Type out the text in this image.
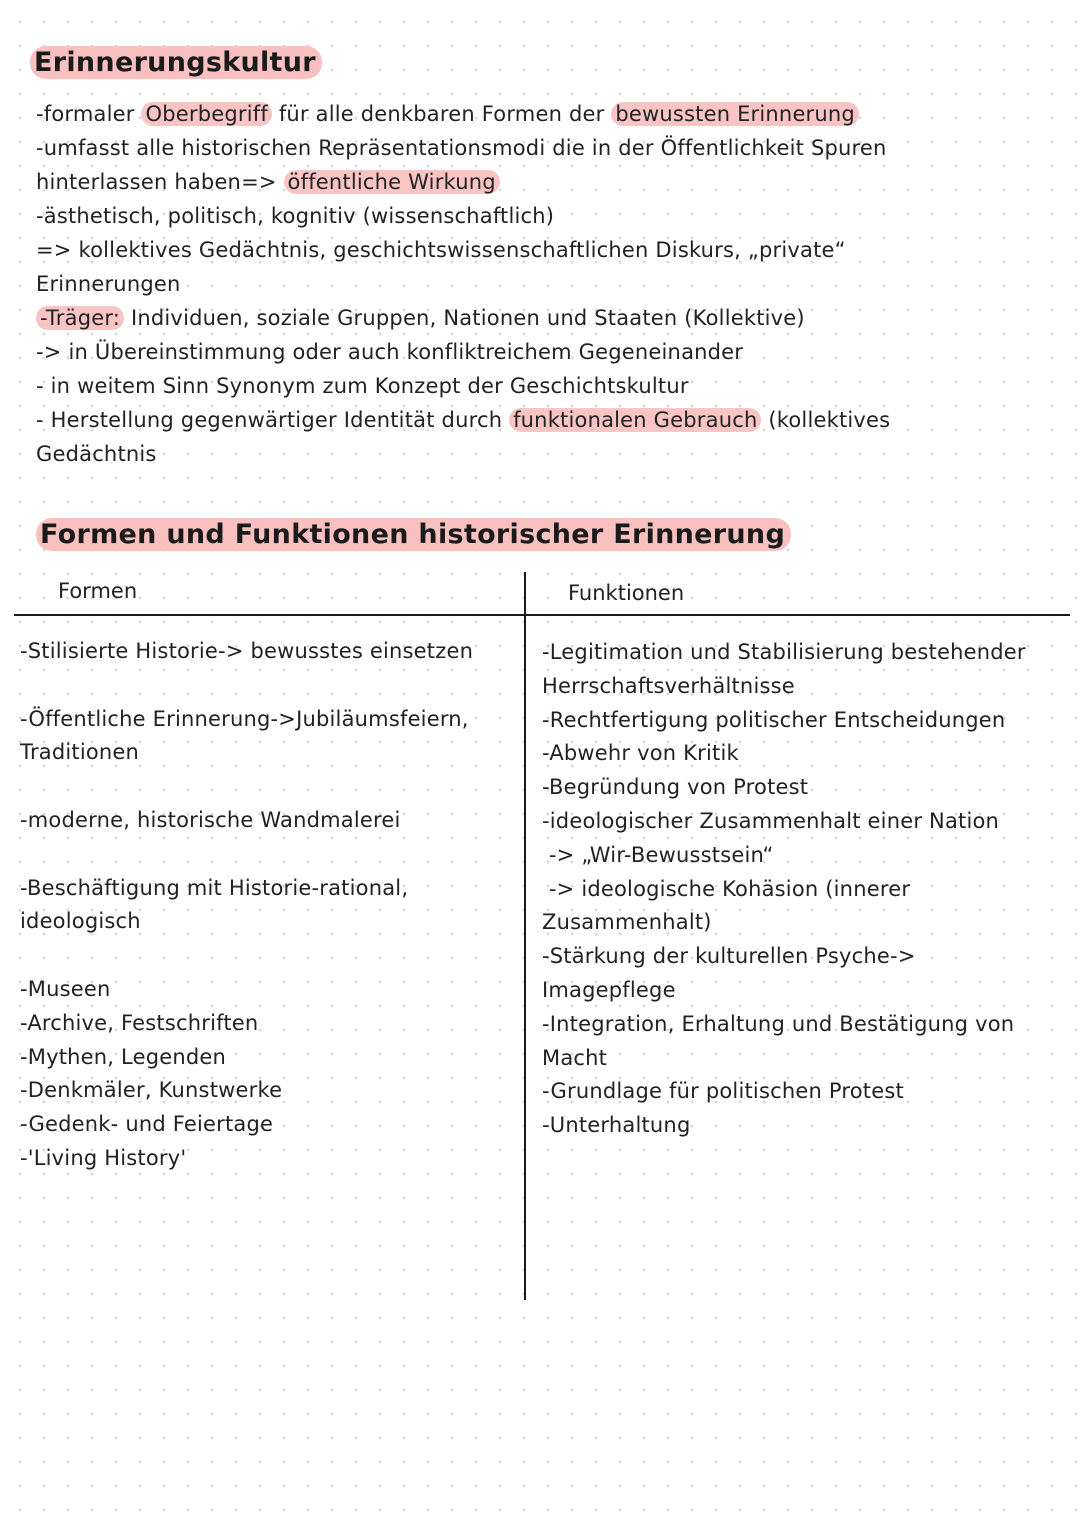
Erinnerungskultur
-formaler Oberbegriff für alle denkbaren Formen der bewussten Erinnerung
-umfasst alle historischen Repräsentationsmodi die in der Öffentlichkeit Spuren
hinterlassen haben=> öffentliche Wirkung
-ästhetisch, politisch, kognitiv (wissenschaftlich)
=> kollektives Gedächtnis, geschichtswissenschaftlichen Diskurs, „private“
Erinnerungen
-Träger: Individuen, soziale Gruppen, Nationen und Staaten (Kollektive)
-> in Übereinstimmung oder auch konfliktreichem Gegeneinander
- in weitem Sinn Synonym zum Konzept der Geschichtskultur
- Herstellung gegenwärtiger Identität durch funktionalen Gebrauch (kollektives
Gedächtnis
Formen und Funktionen historischer Erinnerung
Formen	Funktionen
-Stilisierte Historie-> bewusstes einsetzen
-Öffentliche Erinnerung->Jubiläumsfeiern,
Traditionen
-moderne, historische Wandmalerei
-Beschäftigung mit Historie-rational,
ideologisch
-Museen
-Archive, Festschriften
-Mythen, Legenden
-Denkmäler, Kunstwerke
-Gedenk- und Feiertage
-'Living History'
-Legitimation und Stabilisierung bestehender
Herrschaftsverhältnisse
-Rechtfertigung politischer Entscheidungen
-Abwehr von Kritik
-Begründung von Protest
-ideologischer Zusammenhalt einer Nation
-> „Wir-Bewusstsein“
-> ideologische Kohäsion (innerer
Zusammenhalt)
-Stärkung der kulturellen Psyche->
Imagepflege
-Integration, Erhaltung und Bestätigung von
Macht
-Grundlage für politischen Protest
-Unterhaltung
